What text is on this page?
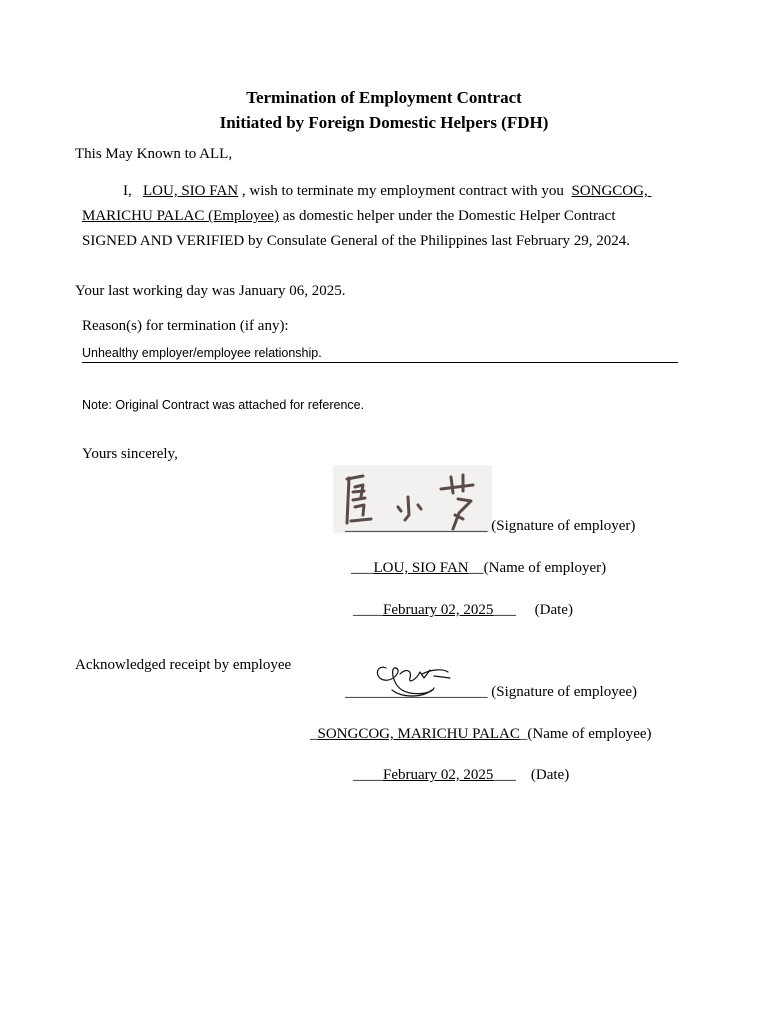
Termination of Employment Contract
Initiated by Foreign Domestic Helpers (FDH)
This May Known to ALL,
I, LOU, SIO FAN , wish to terminate my employment contract with you SONGCOG,
MARICHU PALAC (Employee) as domestic helper under the Domestic Helper Contract
SIGNED AND VERIFIED by Consulate General of the Philippines last February 29, 2024.
Your last working day was January 06, 2025.
Reason(s) for termination (if any):
Unhealthy employer/employee relationship.
Note: Original Contract was attached for reference.
Yours sincerely,
___________________ (Signature of employer)
___LOU, SIO FAN__(Name of employer)
____February 02, 2025___ (Date)
Acknowledged receipt by employee
___________________ (Signature of employee)
_SONGCOG, MARICHU PALAC_(Name of employee)
____February 02, 2025___ (Date)
